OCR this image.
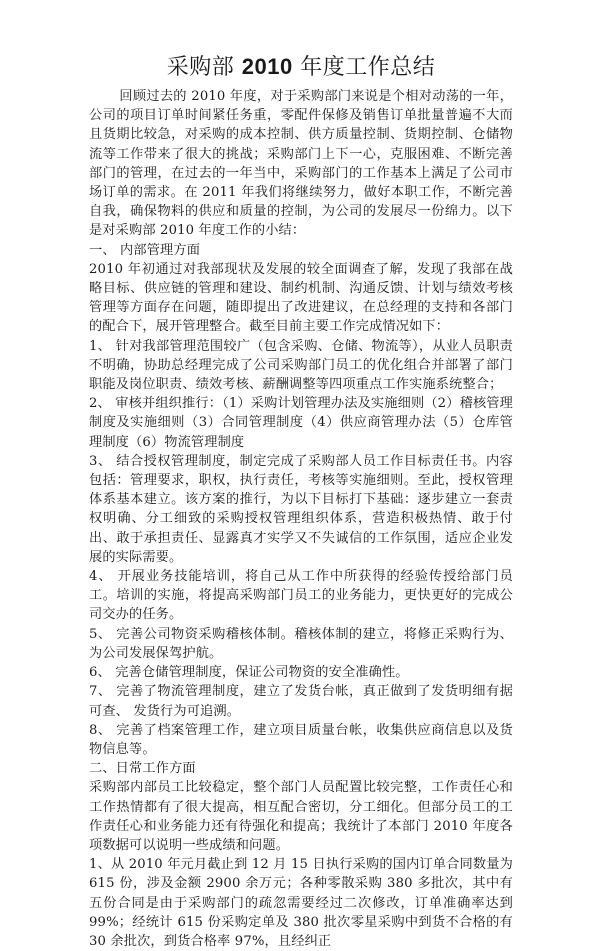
采购部 2010 年度工作总结

回顾过去的 2010 年度，对于采购部门来说是个相对动荡的一年，公司的项目订单时间紧任务重，零配件保修及销售订单批量普遍不大而且货期比较急，对采购的成本控制、供方质量控制、货期控制、仓储物流等工作带来了很大的挑战；采购部门上下一心，克服困难、不断完善部门的管理，在过去的一年当中，采购部门的工作基本上满足了公司市场订单的需求。在 2011 年我们将继续努力，做好本职工作，不断完善自我，确保物料的供应和质量的控制，为公司的发展尽一份绵力。以下是对采购部 2010 年度工作的小结：

一、 内部管理方面

2010 年初通过对我部现状及发展的较全面调查了解，发现了我部在战略目标、供应链的管理和建设、制约机制、沟通反馈、计划与绩效考核管理等方面存在问题，随即提出了改进建议，在总经理的支持和各部门的配合下，展开管理整合。截至目前主要工作完成情况如下：

1、 针对我部管理范围较广（包含采购、仓储、物流等），从业人员职责不明确，协助总经理完成了公司采购部门员工的优化组合并部署了部门职能及岗位职责、绩效考核、薪酬调整等四项重点工作实施系统整合；

2、 审核并组织推行：（1）采购计划管理办法及实施细则（2）稽核管理制度及实施细则（3）合同管理制度（4）供应商管理办法（5）仓库管理制度（6）物流管理制度

3、 结合授权管理制度，制定完成了采购部人员工作目标责任书。内容包括：管理要求，职权，执行责任，考核等实施细则。至此，授权管理体系基本建立。该方案的推行，为以下目标打下基础：逐步建立一套责权明确、分工细致的采购授权管理组织体系，营造积极热情、敢于付出、敢于承担责任、显露真才实学又不失诚信的工作氛围，适应企业发展的实际需要。

4、 开展业务技能培训，将自己从工作中所获得的经验传授给部门员工。培训的实施，将提高采购部门员工的业务能力，更快更好的完成公司交办的任务。

5、 完善公司物资采购稽核体制。稽核体制的建立，将修正采购行为、为公司发展保驾护航。

6、 完善仓储管理制度，保证公司物资的安全准确性。

7、 完善了物流管理制度，建立了发货台帐，真正做到了发货明细有据可查、 发货行为可追溯。

8、 完善了档案管理工作，建立项目质量台帐，收集供应商信息以及货物信息等。

二、日常工作方面

采购部内部员工比较稳定，整个部门人员配置比较完整，工作责任心和工作热情都有了很大提高，相互配合密切，分工细化。但部分员工的工作责任心和业务能力还有待强化和提高；我统计了本部门 2010 年度各项数据可以说明一些成绩和问题。

1、从 2010 年元月截止到 12 月 15 日执行采购的国内订单合同数量为 615 份，涉及金额 2900 余万元；各种零散采购 380 多批次，其中有五份合同是由于采购部门的疏忽需要经过二次修改，订单准确率达到 99%；经统计 615 份采购定单及 380 批次零星采购中到货不合格的有 30 余批次，到货合格率 97%，且经纠正
